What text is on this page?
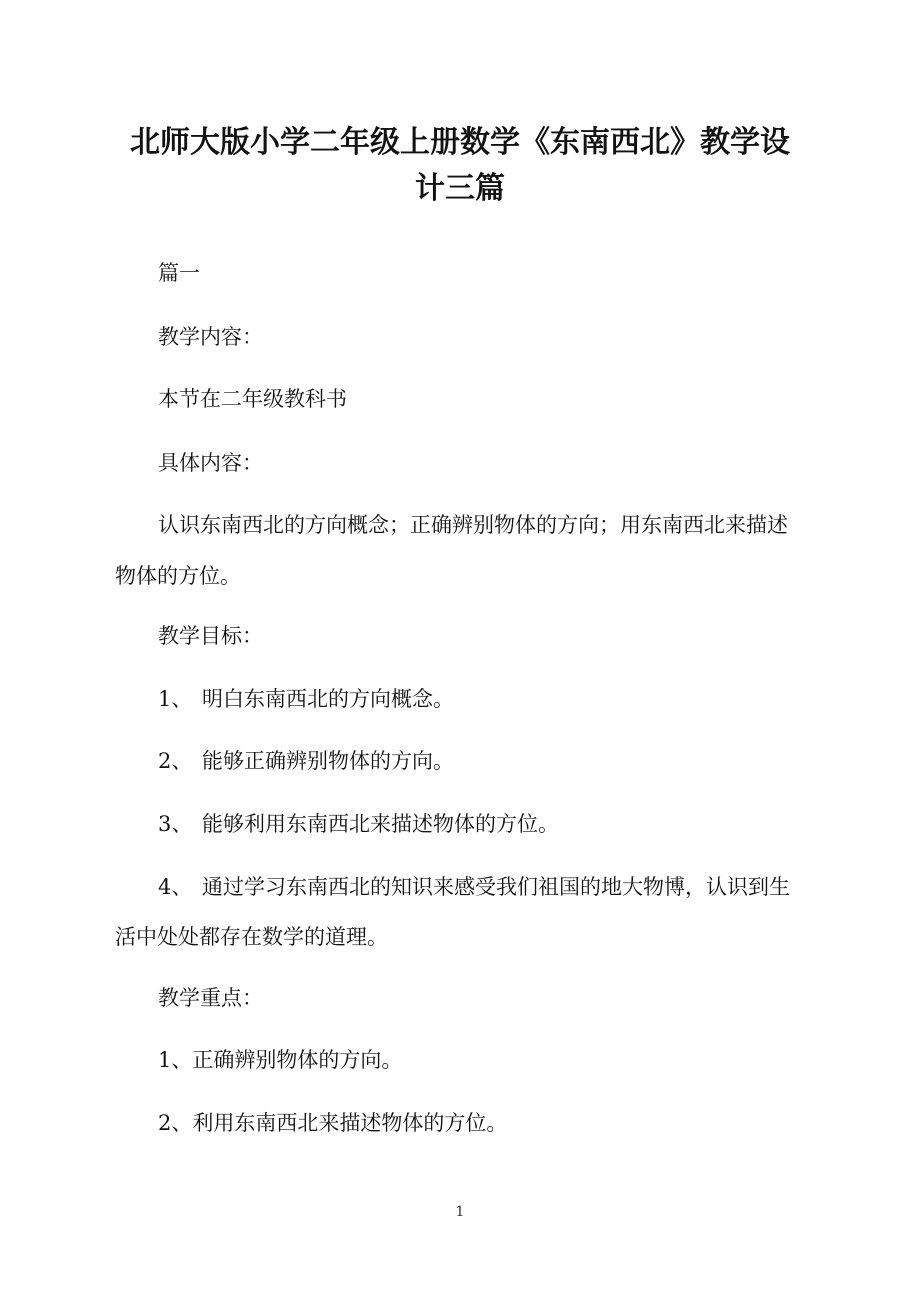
北师大版小学二年级上册数学《东南西北》教学设
计三篇

篇一

教学内容：

本节在二年级教科书

具体内容：

认识东南西北的方向概念；正确辨别物体的方向；用东南西北来描述

物体的方位。

教学目标：

1、 明白东南西北的方向概念。

2、 能够正确辨别物体的方向。

3、 能够利用东南西北来描述物体的方位。

4、 通过学习东南西北的知识来感受我们祖国的地大物博，认识到生

活中处处都存在数学的道理。

教学重点：

1、正确辨别物体的方向。

2、利用东南西北来描述物体的方位。

1
